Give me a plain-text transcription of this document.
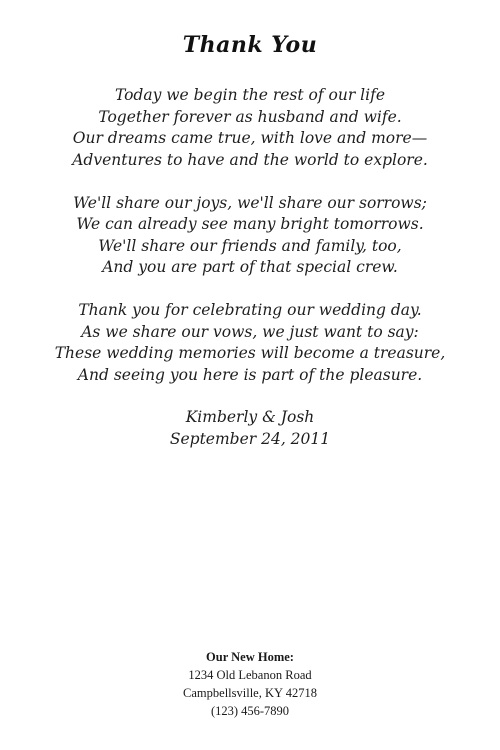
Thank You
Today we begin the rest of our life
Together forever as husband and wife.
Our dreams came true, with love and more—
Adventures to have and the world to explore.
We'll share our joys, we'll share our sorrows;
We can already see many bright tomorrows.
We'll share our friends and family, too,
And you are part of that special crew.
Thank you for celebrating our wedding day.
As we share our vows, we just want to say:
These wedding memories will become a treasure,
And seeing you here is part of the pleasure.
Kimberly & Josh
September 24, 2011
Our New Home:
1234 Old Lebanon Road
Campbellsville, KY 42718
(123) 456-7890
